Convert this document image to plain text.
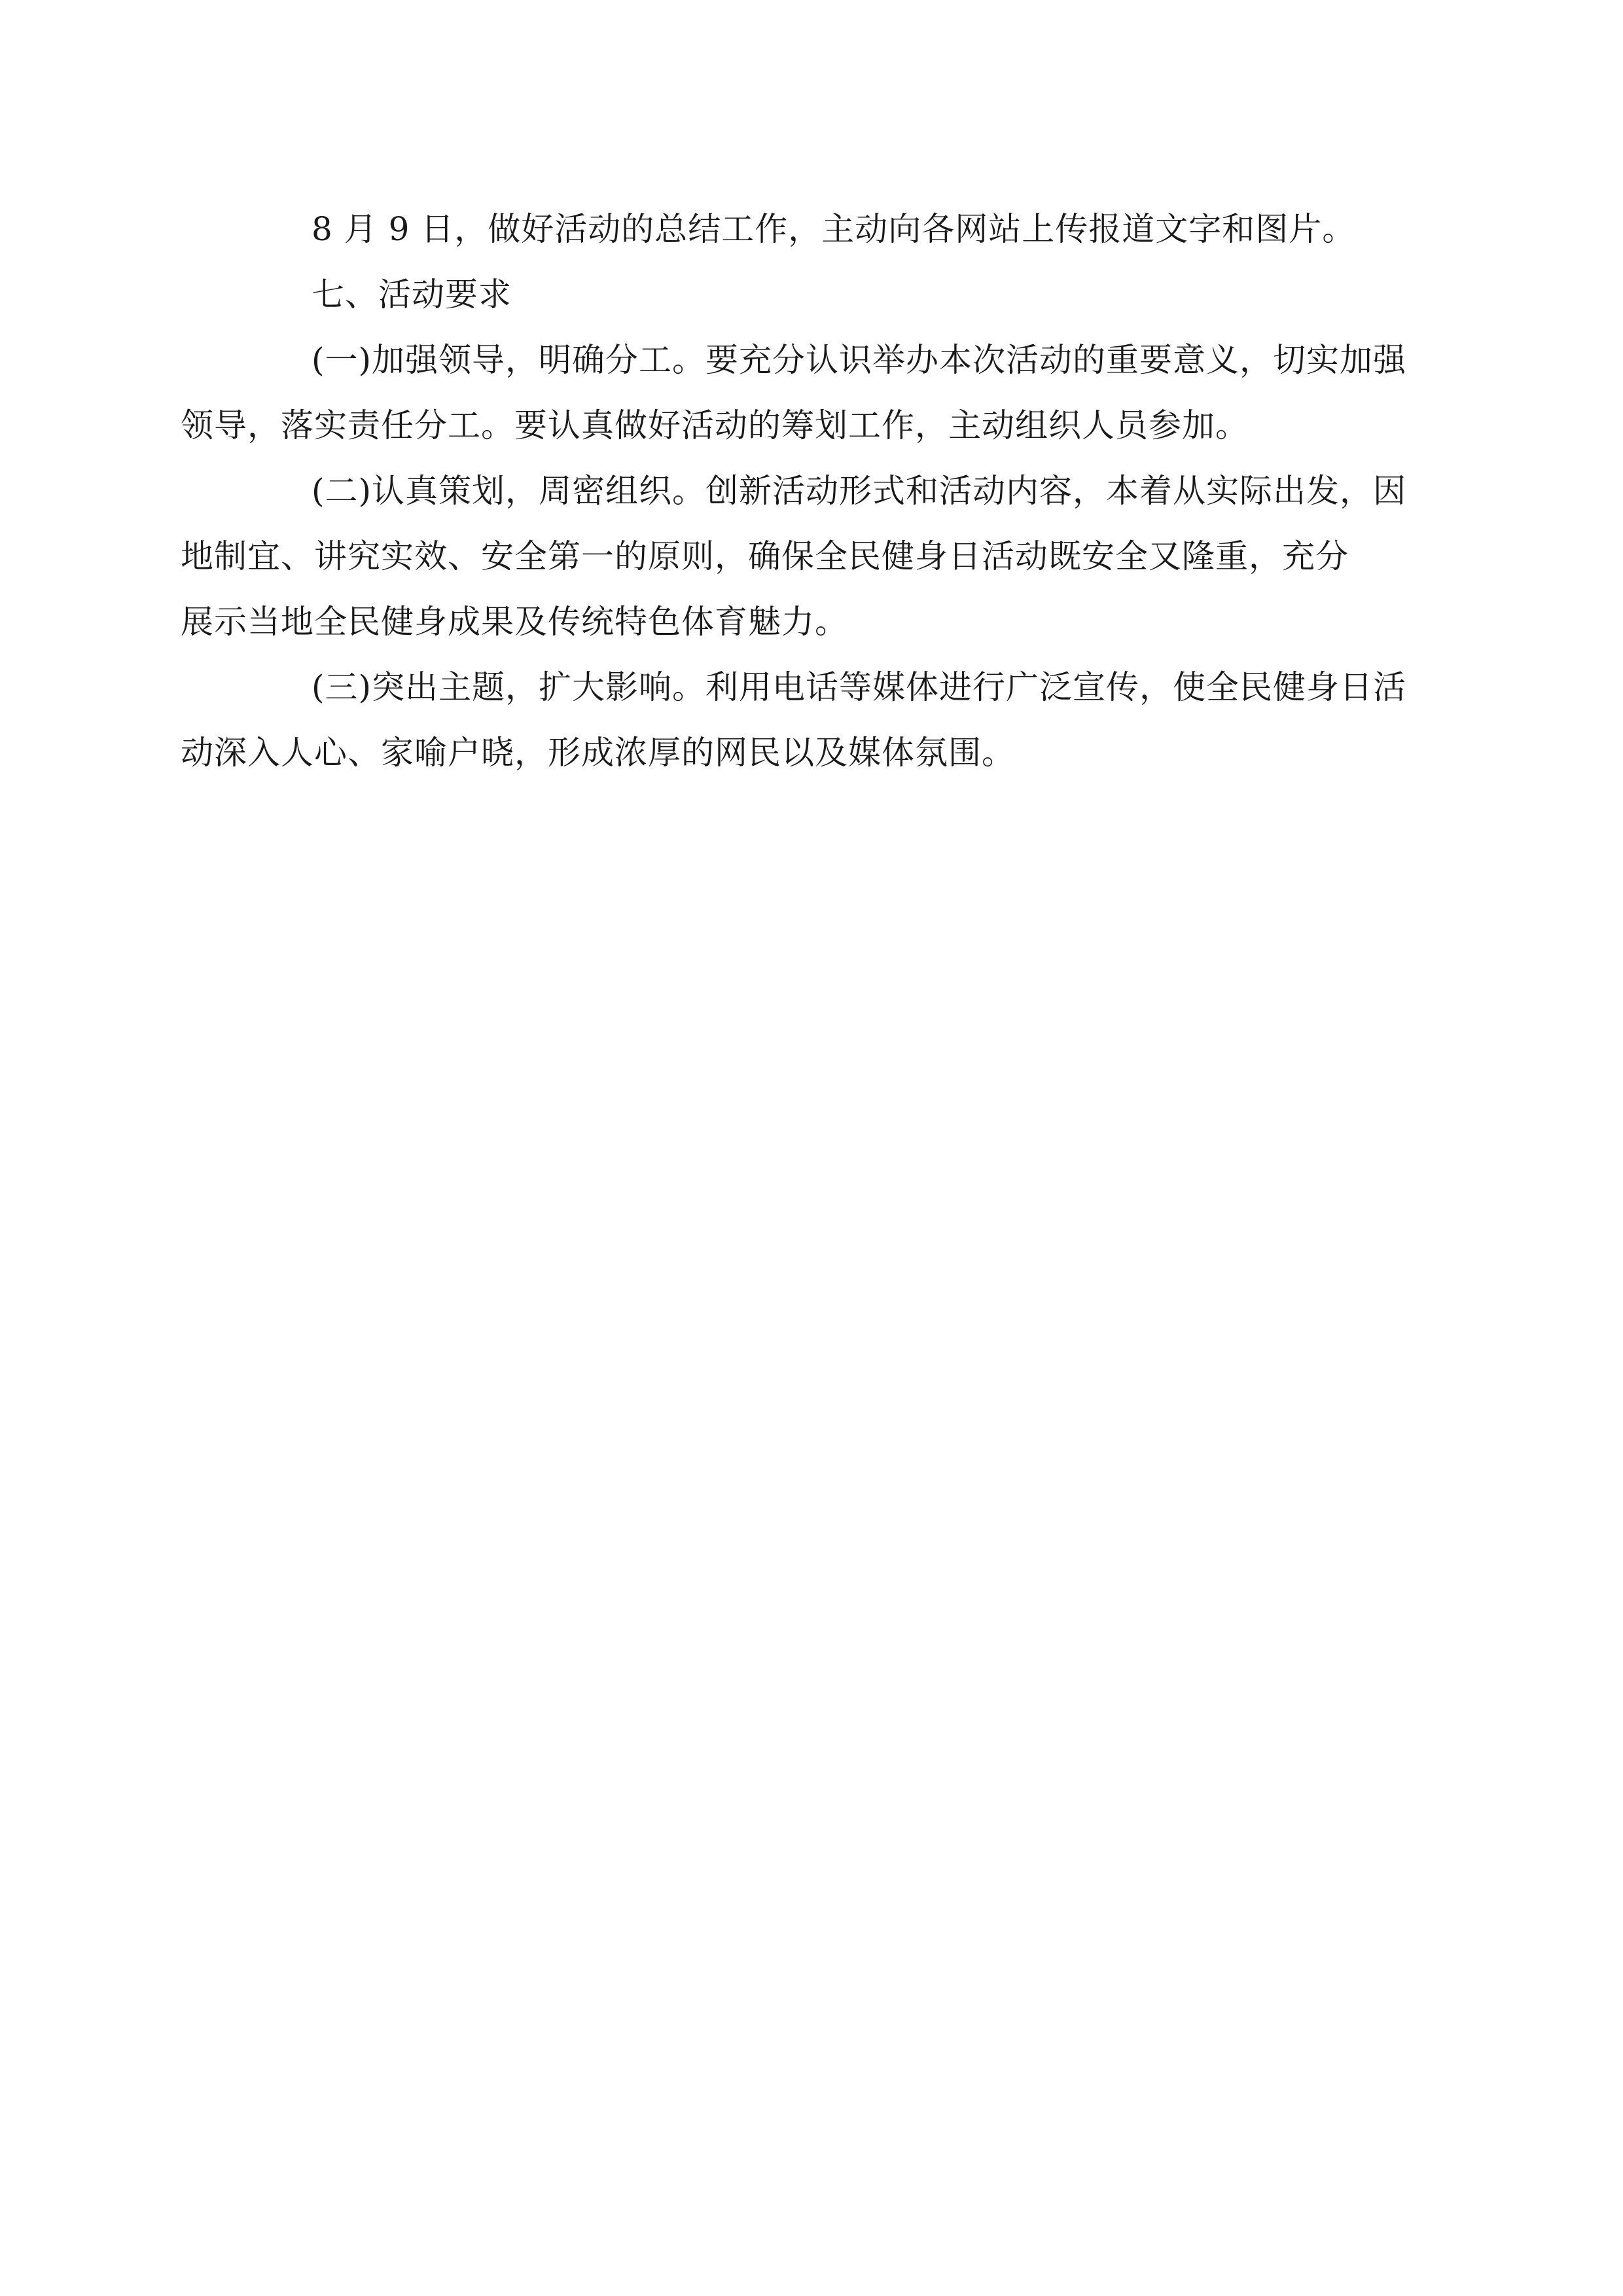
8 月 9 日，做好活动的总结工作，主动向各网站上传报道文字和图片。

七、活动要求

(一)加强领导，明确分工。要充分认识举办本次活动的重要意义，切实加强
领导，落实责任分工。要认真做好活动的筹划工作，主动组织人员参加。

(二)认真策划，周密组织。创新活动形式和活动内容，本着从实际出发，因
地制宜、讲究实效、安全第一的原则，确保全民健身日活动既安全又隆重，充分
展示当地全民健身成果及传统特色体育魅力。

(三)突出主题，扩大影响。利用电话等媒体进行广泛宣传，使全民健身日活
动深入人心、家喻户晓，形成浓厚的网民以及媒体氛围。
